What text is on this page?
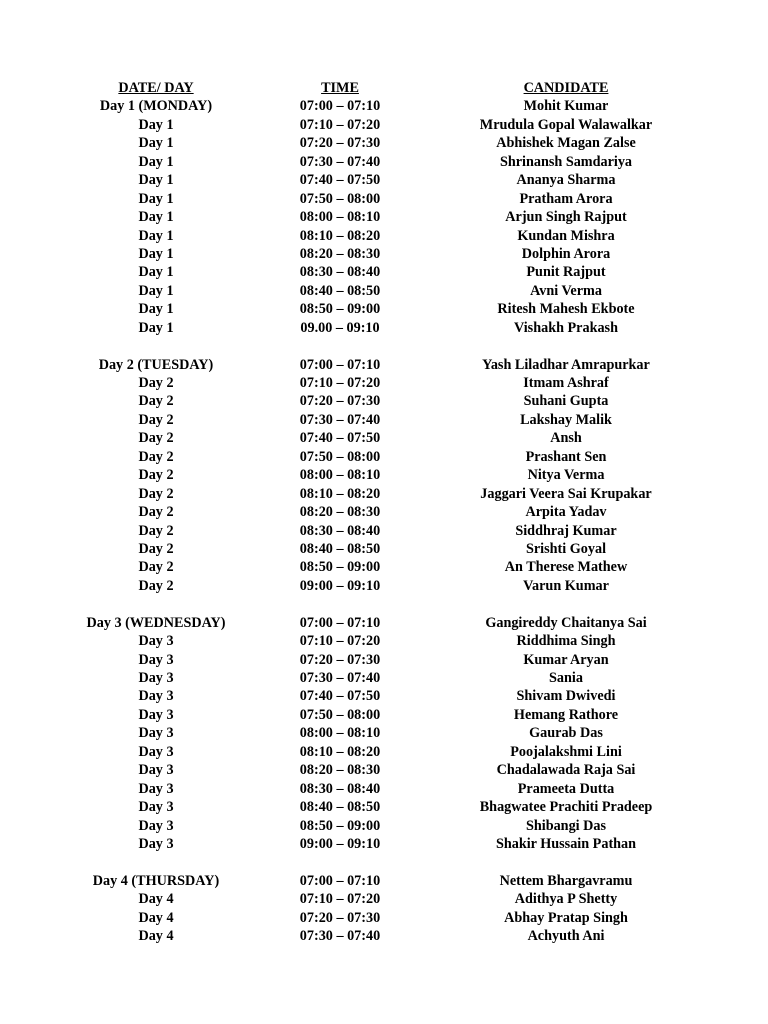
DATE/ DAY	TIME	CANDIDATE
Day 1 (MONDAY)	07:00 – 07:10	Mohit Kumar
Day 1	07:10 – 07:20	Mrudula Gopal Walawalkar
Day 1	07:20 – 07:30	Abhishek Magan Zalse
Day 1	07:30 – 07:40	Shrinansh Samdariya
Day 1	07:40 – 07:50	Ananya Sharma
Day 1	07:50 – 08:00	Pratham Arora
Day 1	08:00 – 08:10	Arjun Singh Rajput
Day 1	08:10 – 08:20	Kundan Mishra
Day 1	08:20 – 08:30	Dolphin Arora
Day 1	08:30 – 08:40	Punit Rajput
Day 1	08:40 – 08:50	Avni Verma
Day 1	08:50 – 09:00	Ritesh Mahesh Ekbote
Day 1	09.00 – 09:10	Vishakh Prakash
Day 2 (TUESDAY)	07:00 – 07:10	Yash Liladhar Amrapurkar
Day 2	07:10 – 07:20	Itmam Ashraf
Day 2	07:20 – 07:30	Suhani Gupta
Day 2	07:30 – 07:40	Lakshay Malik
Day 2	07:40 – 07:50	Ansh
Day 2	07:50 – 08:00	Prashant Sen
Day 2	08:00 – 08:10	Nitya Verma
Day 2	08:10 – 08:20	Jaggari Veera Sai Krupakar
Day 2	08:20 – 08:30	Arpita Yadav
Day 2	08:30 – 08:40	Siddhraj Kumar
Day 2	08:40 – 08:50	Srishti Goyal
Day 2	08:50 – 09:00	An Therese Mathew
Day 2	09:00 – 09:10	Varun Kumar
Day 3 (WEDNESDAY)	07:00 – 07:10	Gangireddy Chaitanya Sai
Day 3	07:10 – 07:20	Riddhima Singh
Day 3	07:20 – 07:30	Kumar Aryan
Day 3	07:30 – 07:40	Sania
Day 3	07:40 – 07:50	Shivam Dwivedi
Day 3	07:50 – 08:00	Hemang Rathore
Day 3	08:00 – 08:10	Gaurab Das
Day 3	08:10 – 08:20	Poojalakshmi Lini
Day 3	08:20 – 08:30	Chadalawada Raja Sai
Day 3	08:30 – 08:40	Prameeta Dutta
Day 3	08:40 – 08:50	Bhagwatee Prachiti Pradeep
Day 3	08:50 – 09:00	Shibangi Das
Day 3	09:00 – 09:10	Shakir Hussain Pathan
Day 4 (THURSDAY)	07:00 – 07:10	Nettem Bhargavramu
Day 4	07:10 – 07:20	Adithya P Shetty
Day 4	07:20 – 07:30	Abhay Pratap Singh
Day 4	07:30 – 07:40	Achyuth Ani
